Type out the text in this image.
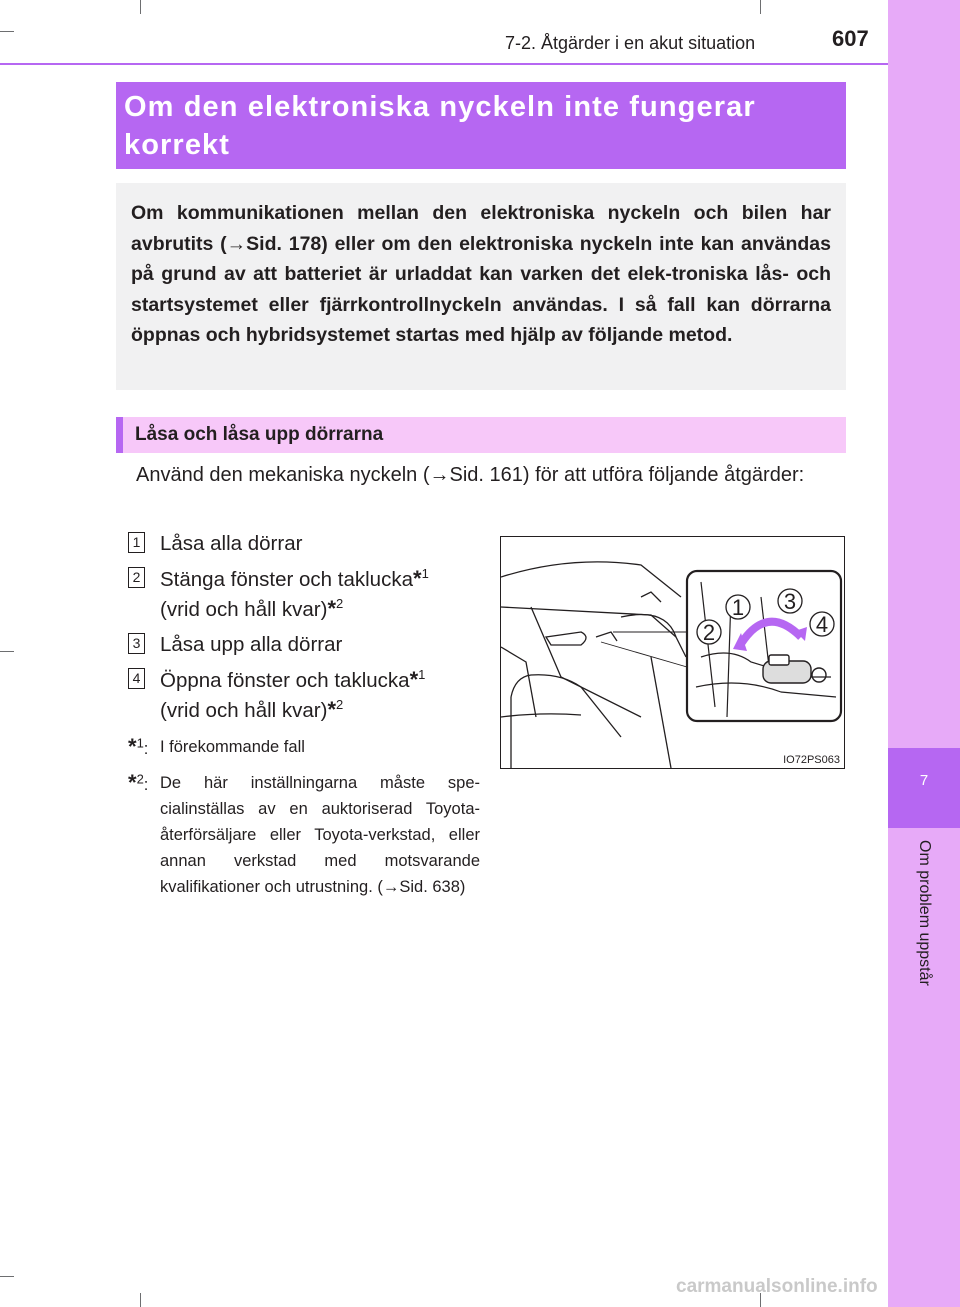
7
Om problem uppstår
7-2. Åtgärder i en akut situation	607
Om den elektroniska nyckeln inte fungerar korrekt

Om kommunikationen mellan den elektroniska nyckeln och bilen har avbrutits (→Sid. 178) eller om den elektroniska nyckeln inte kan användas på grund av att batteriet är urladdat kan varken det elek-troniska lås- och startsystemet eller fjärrkontrollnyckeln användas. I så fall kan dörrarna öppnas och hybridsystemet startas med hjälp av följande metod.

Låsa och låsa upp dörrarna

Använd den mekaniska nyckeln (→Sid. 161) för att utföra följande åtgärder:

1 Låsa alla dörrar
2 Stänga fönster och taklucka*$^1$
(vrid och håll kvar)*$^2$
3 Låsa upp alla dörrar
4 Öppna fönster och taklucka*$^1$
(vrid och håll kvar)*$^2$
*$^1$: I förekommande fall
*$^2$: De här inställningarna måste spe-cialinställas av en auktoriserad Toyota-återförsäljare eller Toyota-verkstad, eller annan verkstad med motsvarande kvalifikationer och utrustning. (→Sid. 638)
1
2
3
4
IO72PS063
carmanualsonline.info
